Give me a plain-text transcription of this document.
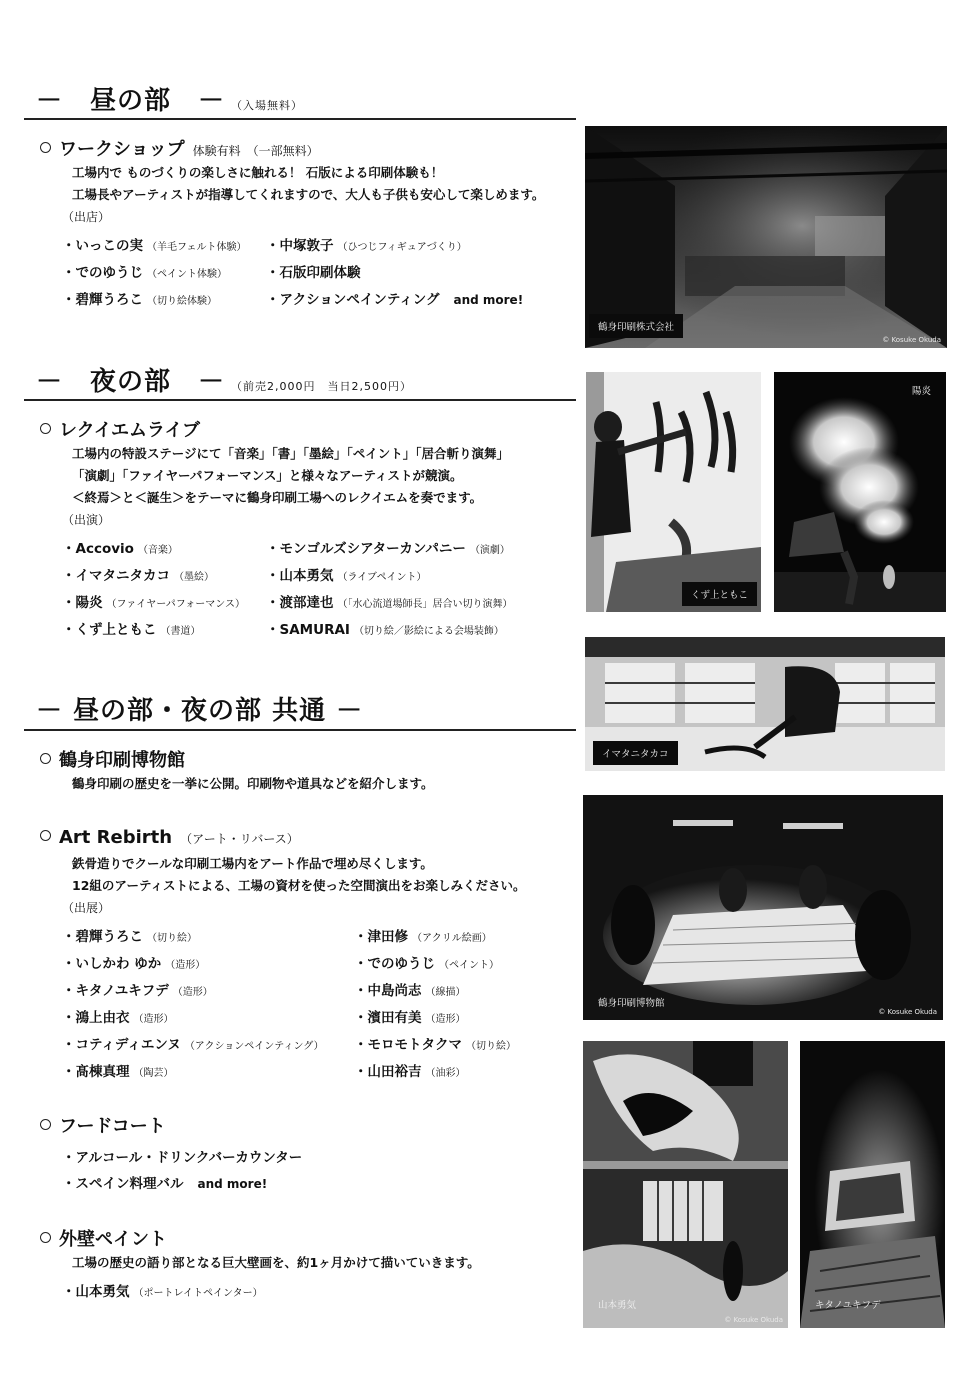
－　昼の部　－ （入場無料）
ワークショップ 体験有料　（一部無料）
工場内で ものづくりの楽しさに触れる！ 石版による印刷体験も！
工場長やアーティストが指導してくれますので、大人も子供も安心して楽しめます。
（出店）
・いっこの実 （羊毛フェルト体験） ・中塚敦子 （ひつじフィギュアづくり）
・でのゆうじ （ペイント体験）	・石版印刷体験
・碧輝うろこ （切り絵体験）	・アクションペインティング and more!
－　夜の部　－ （前売2,000円　当日2,500円）
レクイエムライブ
工場内の特設ステージにて「音楽」「書」「墨絵」「ペイント」「居合斬り演舞」
「演劇」「ファイヤーパフォーマンス」と様々なアーティストが競演。
＜終焉＞と＜誕生＞をテーマに鶴身印刷工場へのレクイエムを奏でます。
（出演）
・Accovio （音楽）	・モンゴルズシアターカンパニー （演劇）
・イマタニタカコ （墨絵）	・山本勇気 （ライブペイント）
・陽炎 （ファイヤーパフォーマンス） ・渡部達也 （「水心流道場師長」居合い切り演舞）
・くず上ともこ （書道）	・SAMURAI （切り絵／影絵による会場装飾）
－ 昼の部・夜の部 共通 －
鶴身印刷博物館
鶴身印刷の歴史を一挙に公開。印刷物や道具などを紹介します。
Art Rebirth （アート・リバース）
鉄骨造りでクールな印刷工場内をアート作品で埋め尽くします。
12組のアーティストによる、工場の資材を使った空間演出をお楽しみください。
（出展）
・碧輝うろこ （切り絵）	・津田修 （アクリル絵画）
・いしかわ ゆか （造形）	・でのゆうじ （ペイント）
・キタノユキフデ （造形）	・中島尚志 （線描）
・鴻上由衣 （造形）	・濱田有美 （造形）
・コティディエンヌ （アクションペインティング） ・モロモトタクマ （切り絵）
・髙棟真理 （陶芸）	・山田裕吉 （油彩）
フードコート
・アルコール・ドリンクバーカウンター
・スペイン料理バル and more!
外壁ペイント
工場の歴史の語り部となる巨大壁画を、約1ヶ月かけて描いていきます。
・山本勇気 （ポートレイトペインター）
鶴身印刷株式会社
© Kosuke Okuda
くず上ともこ
陽炎
イマタニタカコ
鶴身印刷博物館
© Kosuke Okuda
山本勇気
© Kosuke Okuda
キタノユキフデ
